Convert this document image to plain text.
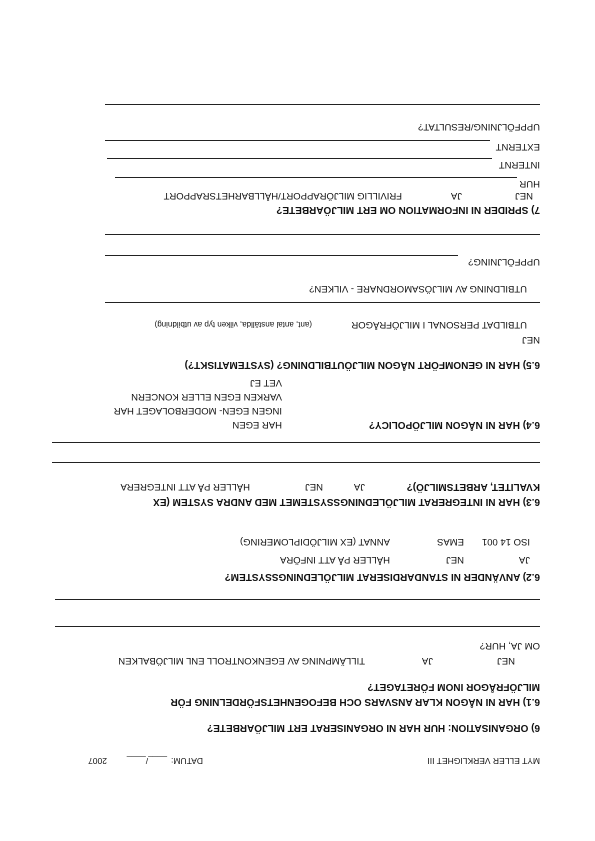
MYT ELLER VERKLIGHET III
DATUM:
____/____
2007
6) ORGANISATION: HUR HAR NI ORGANISERAT ERT MILJÖARBETE?
6.1) HAR NI NÅGON KLAR ANSVARS OCH BEFOGENHETSFÖRDELNING FÖR
MILJÖFRÅGOR INOM FÖRETAGET?
NEJ
JA
TILLÄMPNING AV EGENKONTROLL ENL MILJÖBALKEN
OM JA, HUR?
6.2) ANVÄNDER NI STANDARDISERAT MILJÖLEDNINGSSYSTEM?
JA
NEJ
HÅLLER PÅ ATT INFÖRA
ISO 14 001
EMAS
ANNAT (EX MILJÖDIPLOMERING)
6.3) HAR NI INTEGRERAT MILJÖLEDNINGSSYSTEMET MED ANDRA SYSTEM (EX
KVALITET, ARBETSMILJÖ)?
JA
NEJ
HÅLLER PÅ ATT INTEGRERA
6.4) HAR NI NÅGON MILJÖPOLICY?
HAR EGEN
INGEN EGEN- MODERBOLAGET HAR
VARKEN EGEN ELLER KONCERN
VET EJ
6.5) HAR NI GENOMFÖRT NÅGON MILJÖUTBILDNING? (SYSTEMATISKT?)
NEJ
UTBILDAT PERSONAL I MILJÖFRÅGOR
(ant, antal anställda, vilken typ av utbildning)
UTBILDNING AV MILJÖSAMORDNARE - VILKEN?
UPPFÖLJNING?
7) SPRIDER NI INFORMATION OM ERT MILJÖARBETE?
NEJ
JA
FRIVILLIG MILJÖRAPPORT/HÅLLBARHETSRAPPORT
HUR
INTERNT
EXTERNT
UPPFÖLJNING/RESULTAT?
